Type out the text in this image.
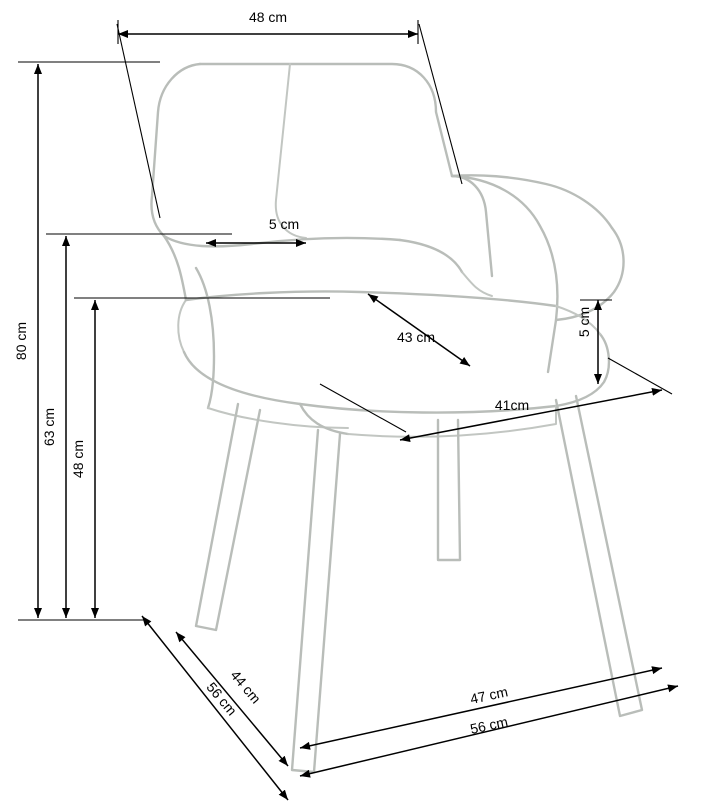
48 cm
5 cm
80 cm
63 cm
48 cm
43 cm
41cm
5 cm
44 cm
56 cm	47 cm
56 cm
